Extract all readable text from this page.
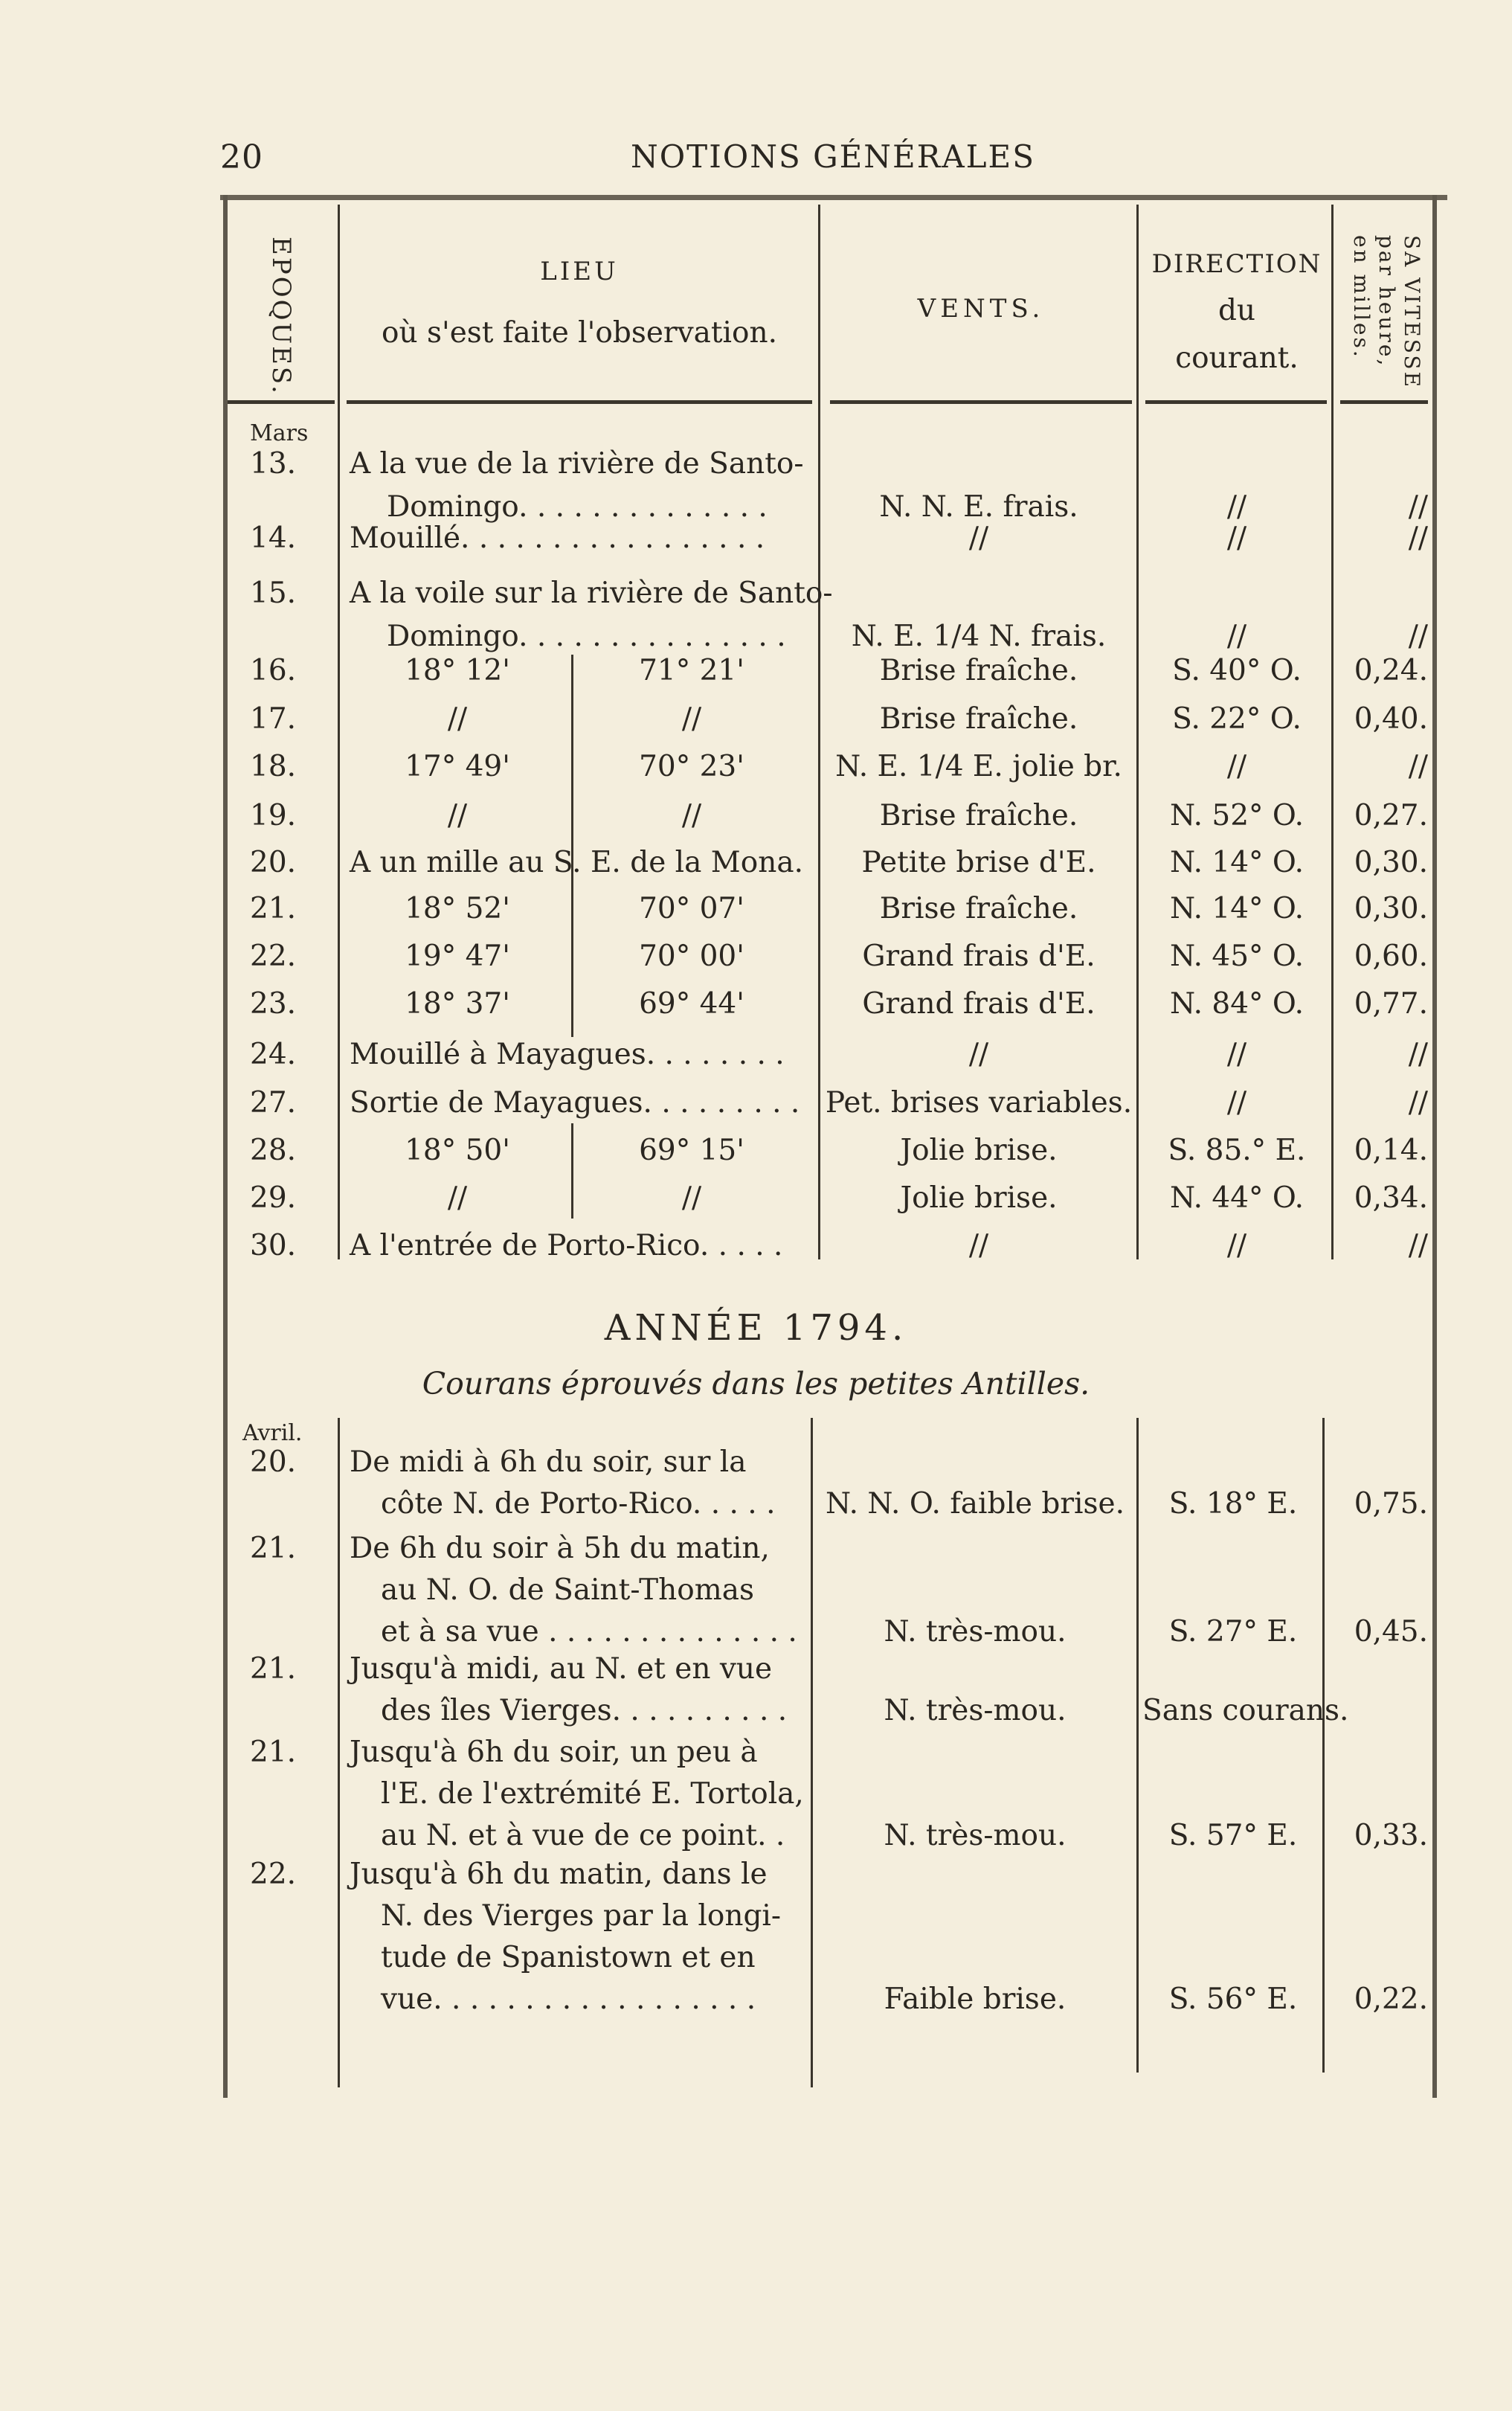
20	NOTIONS GÉNÉRALES
EPOQUES.	LIEU
où s'est faite l'observation.
VENTS.
DIRECTION
du
courant.	SA VITESSE
par heure,
en milles.
Mars
13. A la vue de la rivière de Santo-
Domingo. . . . . . . . . . . . . .	N. N. E. frais.	//	//
14. Mouillé. . . . . . . . . . . . . . . . .	//	//	//
15. A la voile sur la rivière de Santo-
Domingo. . . . . . . . . . . . . . .	N. E. 1/4 N. frais.	//	//
16.	18° 12'	71° 21'	Brise fraîche.	S. 40° O.	0,24.
17.	//	//	Brise fraîche.	S. 22° O.	0,40.
18.	17° 49'	70° 23'	N. E. 1/4 E. jolie br.	//	//
19.	//	//	Brise fraîche.	N. 52° O.	0,27.
20. A un mille au S. E. de la Mona.	Petite brise d'E.	N. 14° O.	0,30.
21.	18° 52'	70° 07'	Brise fraîche.	N. 14° O.	0,30.
22.	19° 47'	70° 00'	Grand frais d'E.	N. 45° O.	0,60.
23.	18° 37'	69° 44'	Grand frais d'E.	N. 84° O.	0,77.
24. Mouillé à Mayagues. . . . . . . .	//	//	//
27. Sortie de Mayagues. . . . . . . . . Pet. brises variables.	//	//
28.	18° 50'	69° 15'	Jolie brise.	S. 85.° E.	0,14.
29.	//	//	Jolie brise.	N. 44° O.	0,34.
30. A l'entrée de Porto-Rico. . . . .	//	//	//
ANNÉE 1794.
Courans éprouvés dans les petites Antilles.
Avril.
20. De midi à 6h du soir, sur la
côte N. de Porto-Rico. . . . .	N. N. O. faible brise.	S. 18° E.	0,75.
21. De 6h du soir à 5h du matin,
au N. O. de Saint-Thomas
et à sa vue . . . . . . . . . . . . . .	N. très-mou.	S. 27° E.	0,45.
21. Jusqu'à midi, au N. et en vue
des îles Vierges. . . . . . . . . .	N. très-mou.	Sans courans.
21. Jusqu'à 6h du soir, un peu à
l'E. de l'extrémité E. Tortola,
au N. et à vue de ce point. .	N. très-mou.	S. 57° E.	0,33.
22. Jusqu'à 6h du matin, dans le
N. des Vierges par la longi-
tude de Spanistown et en
vue. . . . . . . . . . . . . . . . . .	Faible brise.	S. 56° E.	0,22.
